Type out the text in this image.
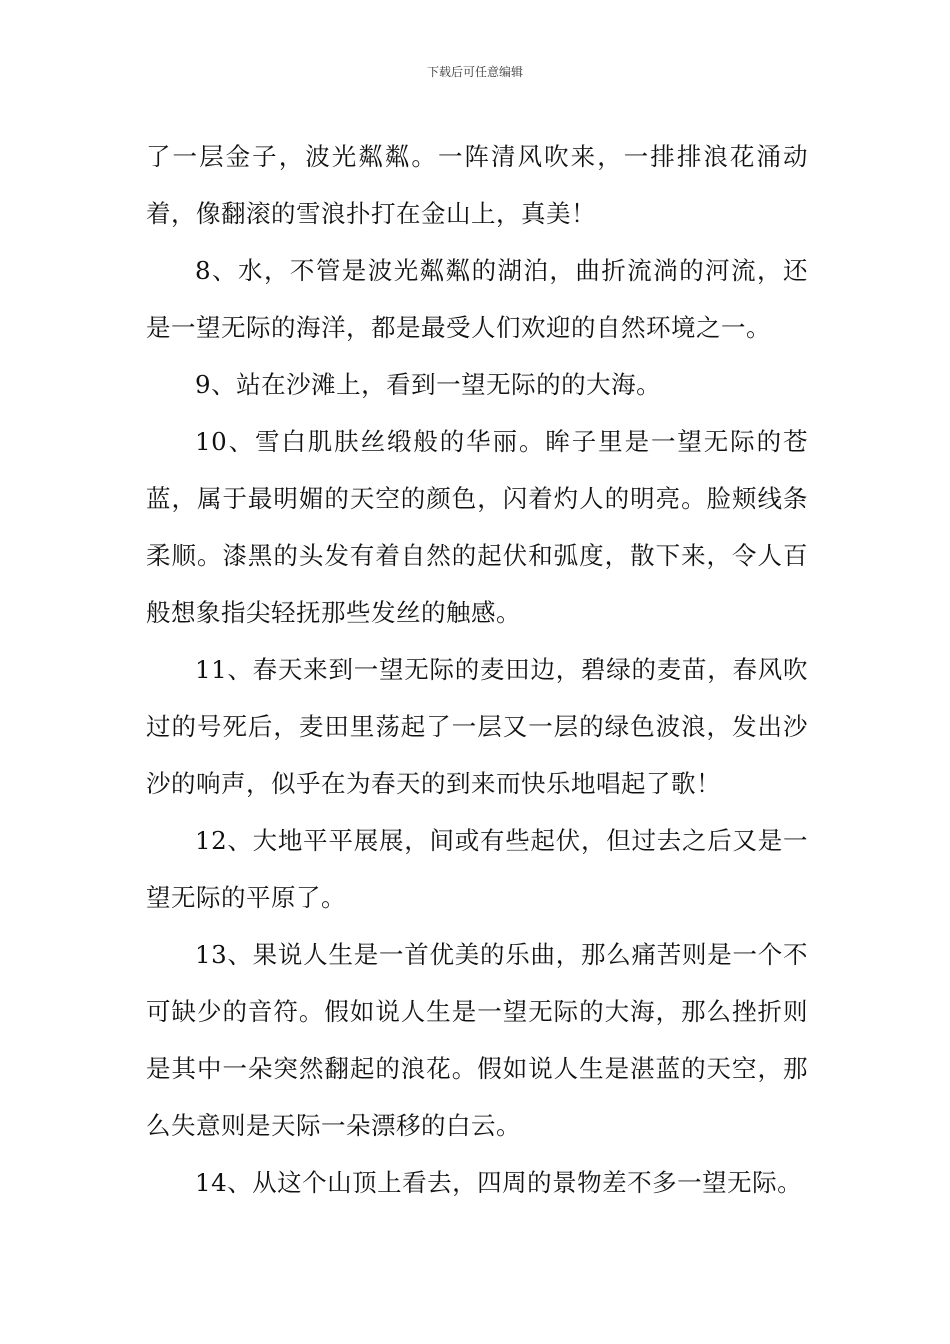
下载后可任意编辑

了一层金子，波光粼粼。一阵清风吹来，一排排浪花涌动着，像翻滚的雪浪扑打在金山上，真美！

8、水，不管是波光粼粼的湖泊，曲折流淌的河流，还是一望无际的海洋，都是最受人们欢迎的自然环境之一。

9、站在沙滩上，看到一望无际的的大海。

10、雪白肌肤丝缎般的华丽。眸子里是一望无际的苍蓝，属于最明媚的天空的颜色，闪着灼人的明亮。脸颊线条柔顺。漆黑的头发有着自然的起伏和弧度，散下来，令人百般想象指尖轻抚那些发丝的触感。

11、春天来到一望无际的麦田边，碧绿的麦苗，春风吹过的号死后，麦田里荡起了一层又一层的绿色波浪，发出沙沙的响声，似乎在为春天的到来而快乐地唱起了歌！

12、大地平平展展，间或有些起伏，但过去之后又是一望无际的平原了。

13、果说人生是一首优美的乐曲，那么痛苦则是一个不可缺少的音符。假如说人生是一望无际的大海，那么挫折则是其中一朵突然翻起的浪花。假如说人生是湛蓝的天空，那么失意则是天际一朵漂移的白云。

14、从这个山顶上看去，四周的景物差不多一望无际。
